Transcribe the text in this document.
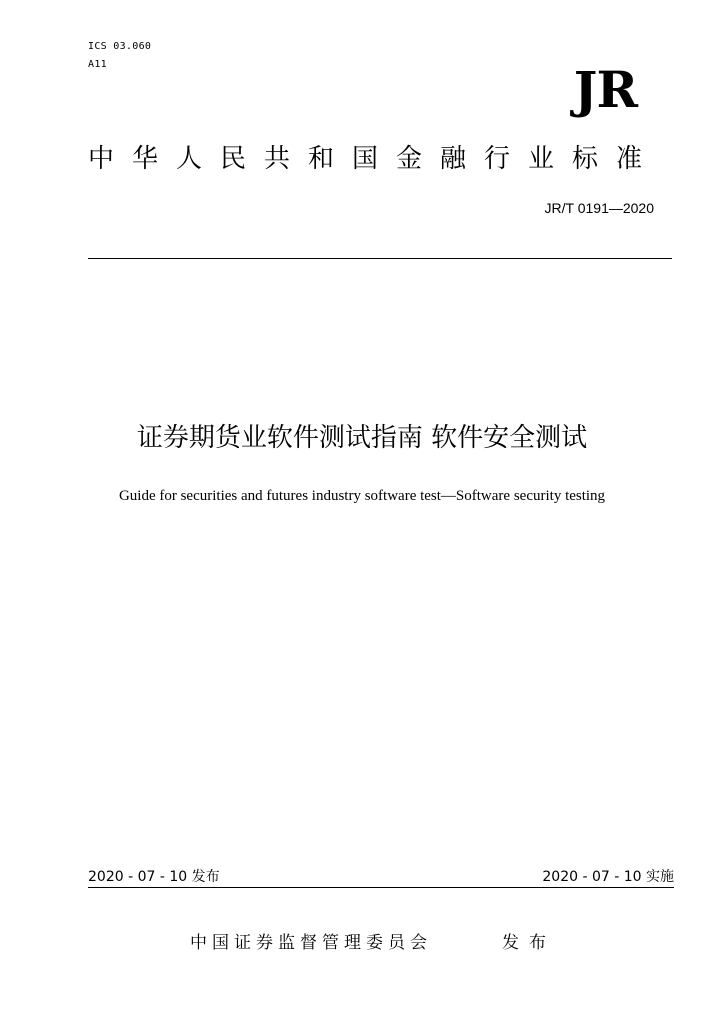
ICS 03.060
A11	JR
中华人民共和国金融行业标准
JR/T 0191—2020
证券期货业软件测试指南 软件安全测试
Guide for securities and futures industry software test—Software security testing
2020 - 07 - 10 发布	2020 - 07 - 10 实施
中国证券监督管理委员会	发布
